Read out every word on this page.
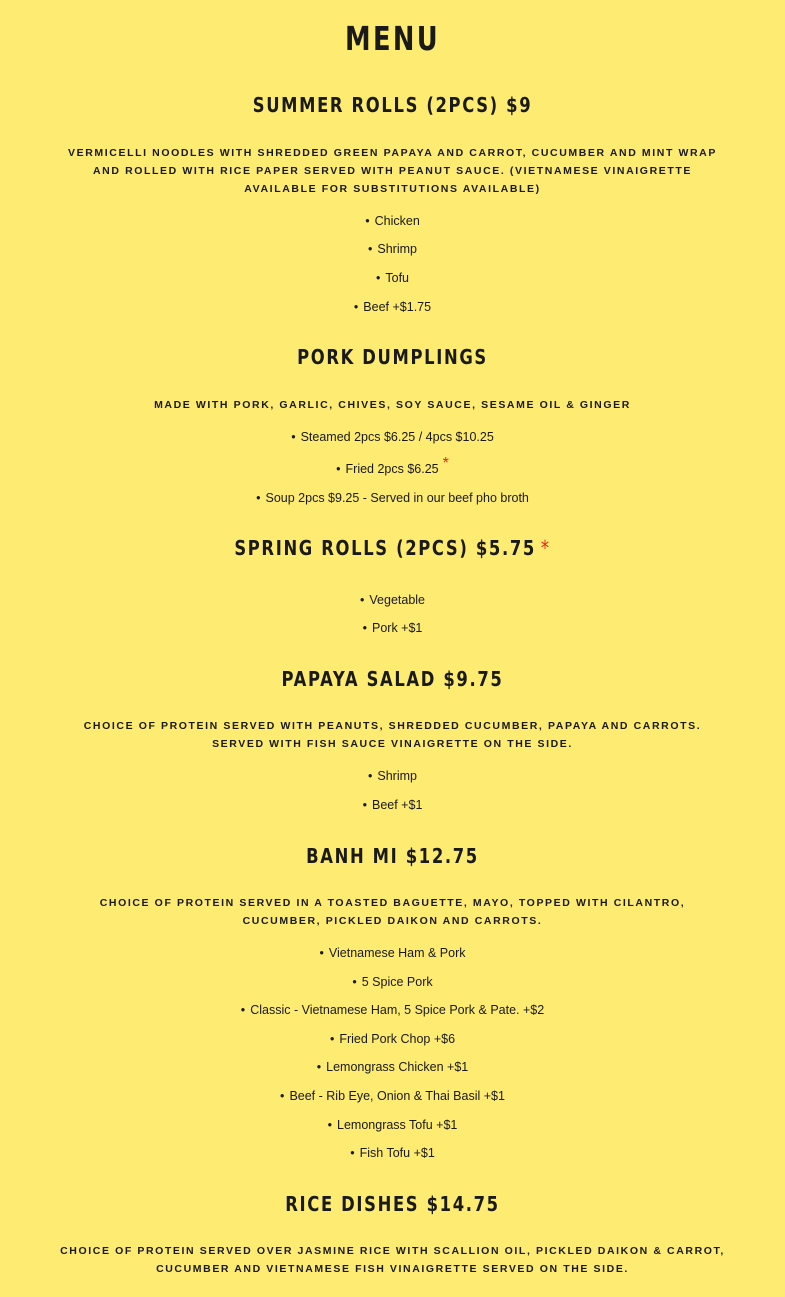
MENU
SUMMER ROLLS (2PCS) $9

VERMICELLI NOODLES WITH SHREDDED GREEN PAPAYA AND CARROT, CUCUMBER AND MINT WRAP AND ROLLED WITH RICE PAPER SERVED WITH PEANUT SAUCE. (VIETNAMESE VINAIGRETTE AVAILABLE FOR SUBSTITUTIONS AVAILABLE)

• Chicken
• Shrimp
• Tofu
• Beef +$1.75
PORK DUMPLINGS

MADE WITH PORK, GARLIC, CHIVES, SOY SAUCE, SESAME OIL & GINGER

• Steamed 2pcs $6.25 / 4pcs $10.25
• Fried 2pcs $6.25 *
• Soup 2pcs $9.25 - Served in our beef pho broth
SPRING ROLLS (2PCS) $5.75 *
• Vegetable
• Pork +$1
PAPAYA SALAD $9.75

CHOICE OF PROTEIN SERVED WITH PEANUTS, SHREDDED CUCUMBER, PAPAYA AND CARROTS. SERVED WITH FISH SAUCE VINAIGRETTE ON THE SIDE.

• Shrimp
• Beef +$1
BANH MI $12.75

CHOICE OF PROTEIN SERVED IN A TOASTED BAGUETTE, MAYO, TOPPED WITH CILANTRO, CUCUMBER, PICKLED DAIKON AND CARROTS.

• Vietnamese Ham & Pork
• 5 Spice Pork
• Classic - Vietnamese Ham, 5 Spice Pork & Pate. +$2
• Fried Pork Chop +$6
• Lemongrass Chicken +$1
• Beef - Rib Eye, Onion & Thai Basil +$1
• Lemongrass Tofu +$1
• Fish Tofu +$1
RICE DISHES $14.75

CHOICE OF PROTEIN SERVED OVER JASMINE RICE WITH SCALLION OIL, PICKLED DAIKON & CARROT, CUCUMBER AND VIETNAMESE FISH VINAIGRETTE SERVED ON THE SIDE.
